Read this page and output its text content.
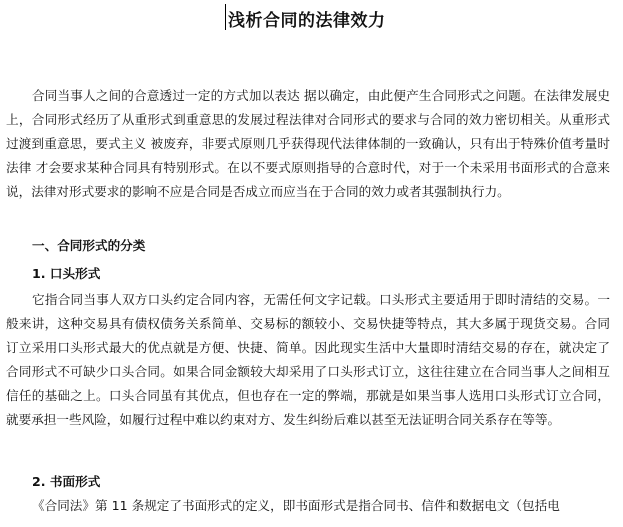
浅析合同的法律效力

合同当事人之间的合意透过一定的方式加以表达 据以确定，由此便产生合同形式之问题。在法律发展史上，合同形式经历了从重形式到重意思的发展过程法律对合同形式的要求与合同的效力密切相关。从重形式过渡到重意思，要式主义 被废弃，非要式原则几乎获得现代法律体制的一致确认，只有出于特殊价值考量时法律 才会要求某种合同具有特别形式。在以不要式原则指导的合意时代，对于一个未采用书面形式的合意来说，法律对形式要求的影响不应是合同是否成立而应当在于合同的效力或者其强制执行力。

一、合同形式的分类
1. 口头形式

它指合同当事人双方口头约定合同内容，无需任何文字记载。口头形式主要适用于即时清结的交易。一般来讲，这种交易具有债权债务关系简单、交易标的额较小、交易快捷等特点，其大多属于现货交易。合同订立采用口头形式最大的优点就是方便、快捷、简单。因此现实生活中大量即时清结交易的存在，就决定了合同形式不可缺少口头合同。如果合同金额较大却采用了口头形式订立，这往往建立在合同当事人之间相互信任的基础之上。口头合同虽有其优点，但也存在一定的弊端，那就是如果当事人选用口头形式订立合同，就要承担一些风险，如履行过程中难以约束对方、发生纠纷后难以甚至无法证明合同关系存在等等。

2. 书面形式

《合同法》第 11 条规定了书面形式的定义，即书面形式是指合同书、信件和数据电文（包括电
